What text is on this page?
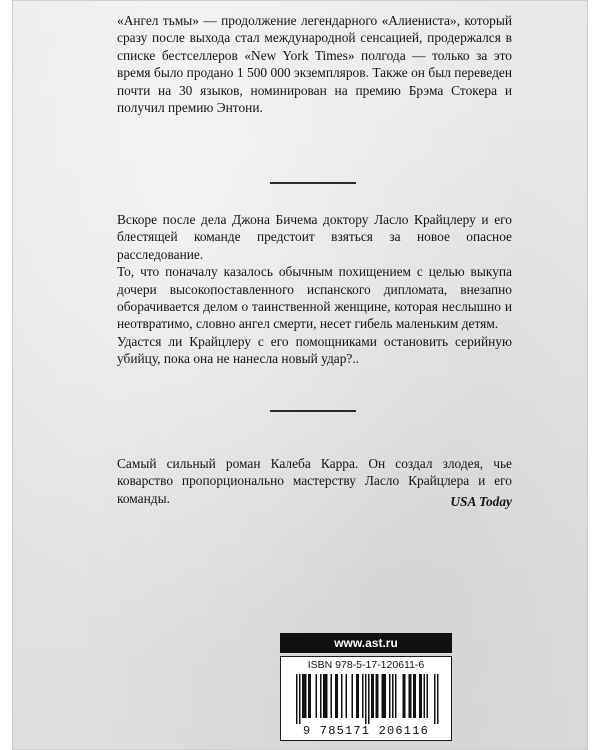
«Ангел тьмы» — продолжение легендарного «Алиениста», который сразу после выхода стал международной сенсацией, продержался в списке бестселлеров «New York Times» полгода — только за это время было продано 1 500 000 экземпляров. Также он был переведен почти на 30 языков, номинирован на премию Брэма Стокера и получил премию Энтони.

Вскоре после дела Джона Бичема доктору Ласло Крайцлеру и его блестящей команде предстоит взяться за новое опасное расследование.

То, что поначалу казалось обычным похищением с целью выкупа дочери высокопоставленного испанского дипломата, внезапно оборачивается делом о таинственной женщине, которая неслышно и неотвратимо, словно ангел смерти, несет гибель маленьким детям.

Удастся ли Крайцлеру с его помощниками остановить серийную убийцу, пока она не нанесла новый удар?..

Самый сильный роман Калеба Карра. Он создал злодея, чье коварство пропорционально мастерству Ласло Крайцлера и его команды.	USA Today
www.ast.ru
ISBN 978-5-17-120611-6
9 785171 206116
